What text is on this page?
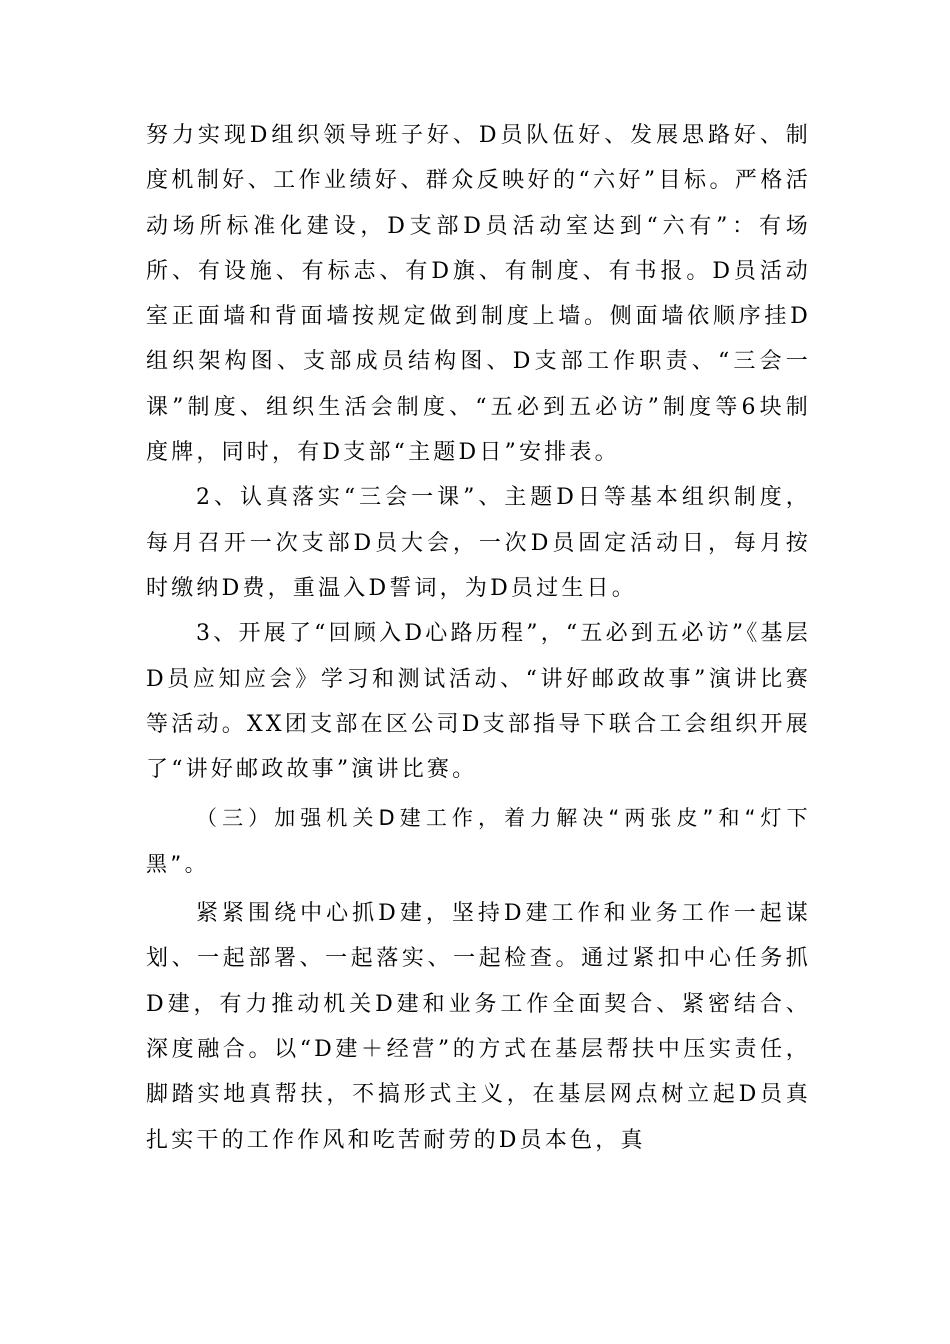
努力实现D组织领导班子好、D员队伍好、发展思路好、制度机制好、工作业绩好、群众反映好的“六好”目标。严格活动场所标准化建设，D支部D员活动室达到“六有”：有场所、有设施、有标志、有D旗、有制度、有书报。D员活动室正面墙和背面墙按规定做到制度上墙。侧面墙依顺序挂D组织架构图、支部成员结构图、D支部工作职责、“三会一课”制度、组织生活会制度、“五必到五必访”制度等6块制度牌，同时，有D支部“主题D日”安排表。

2、认真落实“三会一课”、主题D日等基本组织制度，每月召开一次支部D员大会，一次D员固定活动日，每月按时缴纳D费，重温入D誓词，为D员过生日。

3、开展了“回顾入D心路历程”，“五必到五必访”《基层D员应知应会》学习和测试活动、“讲好邮政故事”演讲比赛等活动。XX团支部在区公司D支部指导下联合工会组织开展了“讲好邮政故事”演讲比赛。

（三）加强机关D建工作，着力解决“两张皮”和“灯下黑”。

紧紧围绕中心抓D建，坚持D建工作和业务工作一起谋划、一起部署、一起落实、一起检查。通过紧扣中心任务抓D建，有力推动机关D建和业务工作全面契合、紧密结合、深度融合。以“D建＋经营”的方式在基层帮扶中压实责任，脚踏实地真帮扶，不搞形式主义，在基层网点树立起D员真扎实干的工作作风和吃苦耐劳的D员本色，真
